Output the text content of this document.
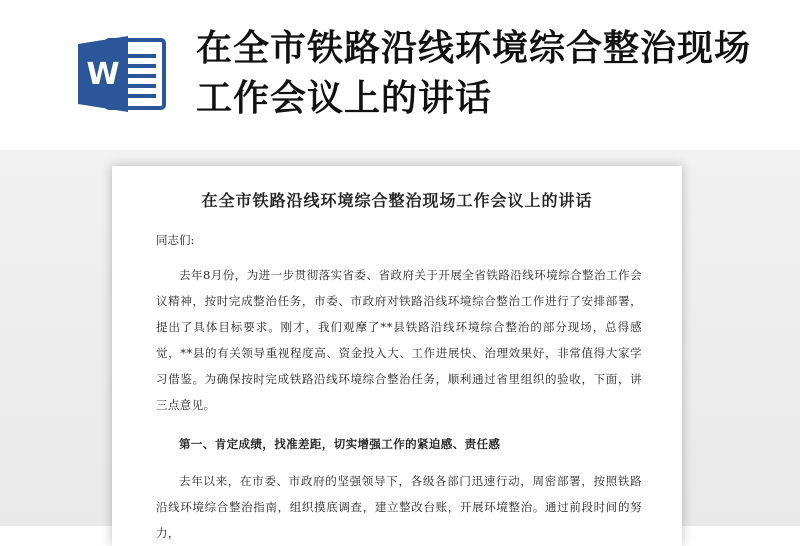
W
在全市铁路沿线环境综合整治现场工作会议上的讲话
在全市铁路沿线环境综合整治现场工作会议上的讲话
同志们:
去年8月份，为进一步贯彻落实省委、省政府关于开展全省铁路沿线环境综合整治工作会议精神，按时完成整治任务，市委、市政府对铁路沿线环境综合整治工作进行了安排部署，提出了具体目标要求。刚才，我们观摩了**县铁路沿线环境综合整治的部分现场，总得感觉，**县的有关领导重视程度高、资金投入大、工作进展快、治理效果好，非常值得大家学习借鉴。为确保按时完成铁路沿线环境综合整治任务，顺利通过省里组织的验收，下面，讲三点意见。
第一、肯定成绩，找准差距，切实增强工作的紧迫感、责任感
去年以来，在市委、市政府的坚强领导下，各级各部门迅速行动，周密部署，按照铁路沿线环境综合整治指南，组织摸底调查，建立整改台账，开展环境整治。通过前段时间的努力，
